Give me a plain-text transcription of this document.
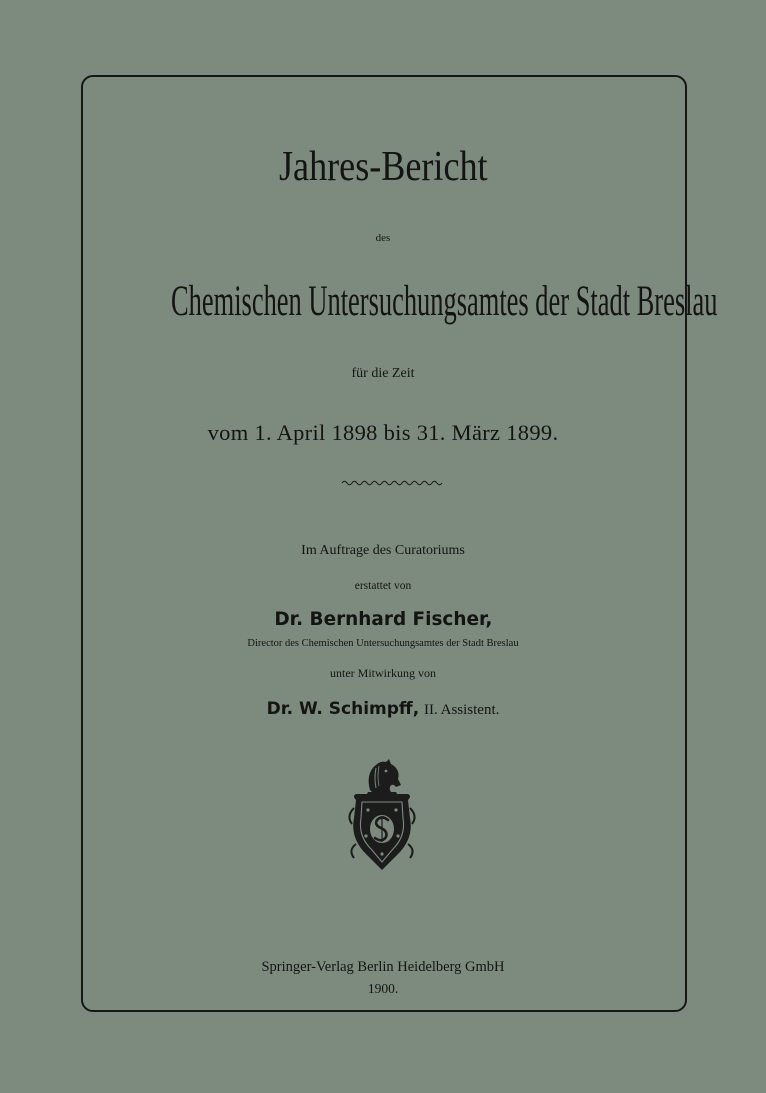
Jahres-Bericht
des
Chemischen Untersuchungsamtes der Stadt Breslau
für die Zeit
vom 1. April 1898 bis 31. März 1899.
Im Auftrage des Curatoriums
erstattet von
Dr. Bernhard Fischer,
Director des Chemischen Untersuchungsamtes der Stadt Breslau
unter Mitwirkung von
Dr. W. Schimpff, II. Assistent.
Springer-Verlag Berlin Heidelberg GmbH
1900.
